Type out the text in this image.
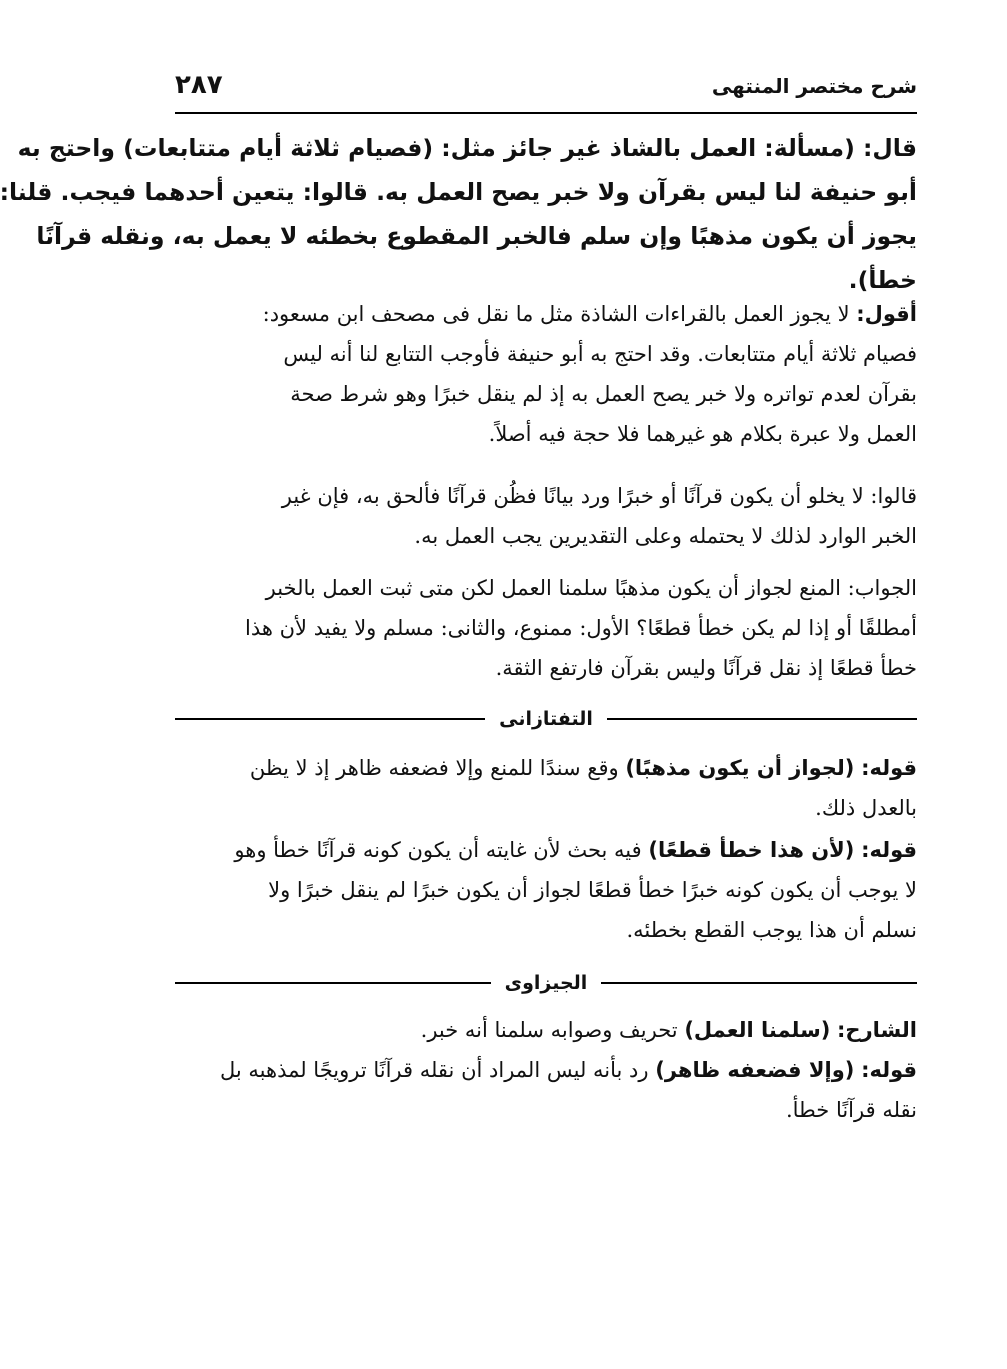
شرح مختصر المنتهى
٢٨٧
قال: (مسألة: العمل بالشاذ غير جائز مثل: (فصيام ثلاثة أيام متتابعات) واحتج به
أبو حنيفة لنا ليس بقرآن ولا خبر يصح العمل به. قالوا: يتعين أحدهما فيجب. قلنا:
يجوز أن يكون مذهبًا وإن سلم فالخبر المقطوع بخطئه لا يعمل به، ونقله قرآنًا
خطأ).
أقول: لا يجوز العمل بالقراءات الشاذة مثل ما نقل فى مصحف ابن مسعود:
فصيام ثلاثة أيام متتابعات. وقد احتج به أبو حنيفة فأوجب التتابع لنا أنه ليس
بقرآن لعدم تواتره ولا خبر يصح العمل به إذ لم ينقل خبرًا وهو شرط صحة
العمل ولا عبرة بكلام هو غيرهما فلا حجة فيه أصلاً.
قالوا: لا يخلو أن يكون قرآنًا أو خبرًا ورد بيانًا فظُن قرآنًا فألحق به، فإن غير
الخبر الوارد لذلك لا يحتمله وعلى التقديرين يجب العمل به.
الجواب: المنع لجواز أن يكون مذهبًا سلمنا العمل لكن متى ثبت العمل بالخبر
أمطلقًا أو إذا لم يكن خطأ قطعًا؟ الأول: ممنوع، والثانى: مسلم ولا يفيد لأن هذا
خطأ قطعًا إذ نقل قرآنًا وليس بقرآن فارتفع الثقة.
التفتازانى
قوله: (لجواز أن يكون مذهبًا) وقع سندًا للمنع وإلا فضعفه ظاهر إذ لا يظن
بالعدل ذلك.
قوله: (لأن هذا خطأ قطعًا) فيه بحث لأن غايته أن يكون كونه قرآنًا خطأ وهو
لا يوجب أن يكون كونه خبرًا خطأ قطعًا لجواز أن يكون خبرًا لم ينقل خبرًا ولا
نسلم أن هذا يوجب القطع بخطئه.
الجيزاوى
الشارح: (سلمنا العمل) تحريف وصوابه سلمنا أنه خبر.
قوله: (وإلا فضعفه ظاهر) رد بأنه ليس المراد أن نقله قرآنًا ترويجًا لمذهبه بل
نقله قرآنًا خطأ.
